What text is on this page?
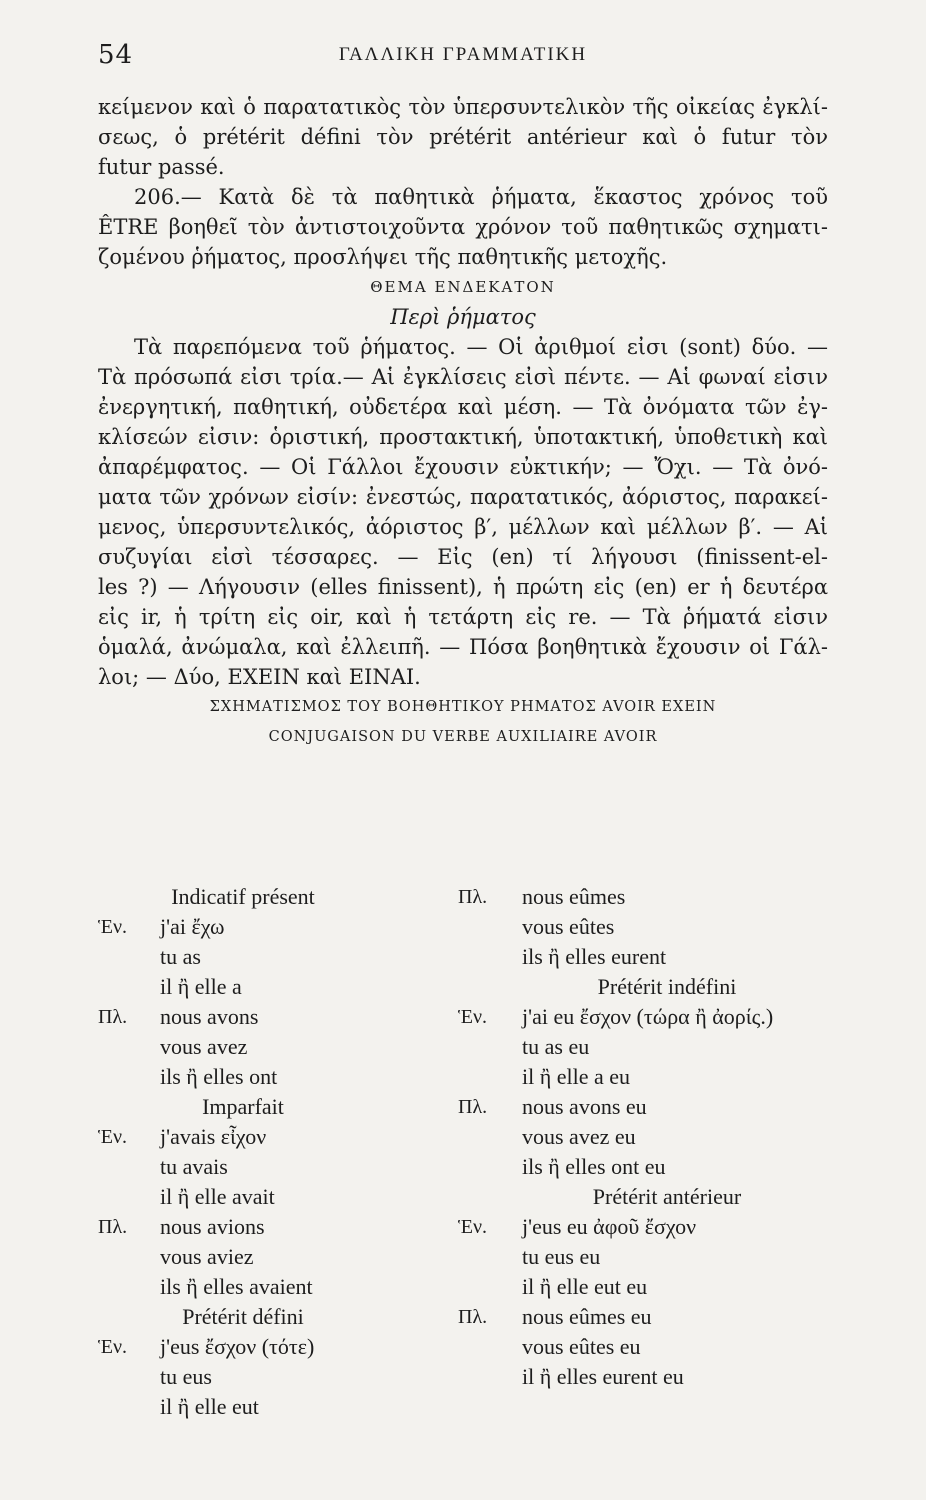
54	ΓΑΛΛΙΚΗ ΓΡΑΜΜΑΤΙΚΗ
κείμενον καὶ ὁ παρατατικὸς τὸν ὑπερσυντελικὸν τῆς οἰκείας ἐγκλί-
σεως, ὁ prétérit défini τὸν prétérit antérieur καὶ ὁ futur τὸν
futur passé.
206.— Κατὰ δὲ τὰ παθητικὰ ῥήματα, ἕκαστος χρόνος τοῦ
ÊTRE βοηθεῖ τὸν ἀντιστοιχοῦντα χρόνον τοῦ παθητικῶς σχηματι-
ζομένου ῥήματος, προσλήψει τῆς παθητικῆς μετοχῆς.
ΘΕΜΑ ΕΝΔΕΚΑΤΟΝ
Περὶ ῥήματος
Τὰ παρεπόμενα τοῦ ῥήματος. — Οἱ ἀριθμοί εἰσι (sont) δύο. —
Τὰ πρόσωπά εἰσι τρία.— Αἱ ἐγκλίσεις εἰσὶ πέντε. — Αἱ φωναί εἰσιν
ἐνεργητική, παθητική, οὐδετέρα καὶ μέση. — Τὰ ὀνόματα τῶν ἐγ-
κλίσεών εἰσιν: ὁριστική, προστακτική, ὑποτακτική, ὑποθετικὴ καὶ
ἀπαρέμφατος. — Οἱ Γάλλοι ἔχουσιν εὐκτικήν; — Ὄχι. — Τὰ ὀνό-
ματα τῶν χρόνων εἰσίν: ἐνεστώς, παρατατικός, ἀόριστος, παρακεί-
μενος, ὑπερσυντελικός, ἀόριστος β′, μέλλων καὶ μέλλων β′. — Αἱ
συζυγίαι εἰσὶ τέσσαρες. — Εἰς (en) τί λήγουσι (finissent-el-
les ?) — Λήγουσιν (elles finissent), ἡ πρώτη εἰς (en) er ἡ δευτέρα
εἰς ir, ἡ τρίτη εἰς oir, καὶ ἡ τετάρτη εἰς re. — Τὰ ῥήματά εἰσιν
ὁμαλά, ἀνώμαλα, καὶ ἐλλειπῆ. — Πόσα βοηθητικὰ ἔχουσιν οἱ Γάλ-
λοι; — Δύο, EXEIN καὶ EINAI.
ΣΧΗΜΑΤΙΣΜΟΣ ΤΟΥ ΒΟΗΘΗΤΙΚΟΥ ΡΗΜΑΤΟΣ AVOIR EXEIN
CONJUGAISON DU VERBE AUXILIAIRE AVOIR
Indicatif présent
Ἑν. j'ai ἔχω
tu as
il ἢ elle a
Πλ. nous avons
vous avez
ils ἢ elles ont
Imparfait
Ἑν. j'avais εἶχον
tu avais
il ἢ elle avait
Πλ. nous avions
vous aviez
ils ἢ elles avaient
Prétérit défini
Ἑν. j'eus ἔσχον (τότε)
tu eus
il ἢ elle eut
Πλ. nous eûmes
vous eûtes
ils ἢ elles eurent
Prétérit indéfini
Ἑν. j'ai eu ἔσχον (τώρα ἢ ἀορίς.)
tu as eu
il ἢ elle a eu
Πλ. nous avons eu
vous avez eu
ils ἢ elles ont eu
Prétérit antérieur
Ἑν. j'eus eu ἀφοῦ ἔσχον
tu eus eu
il ἢ elle eut eu
Πλ. nous eûmes eu
vous eûtes eu
il ἢ elles eurent eu
